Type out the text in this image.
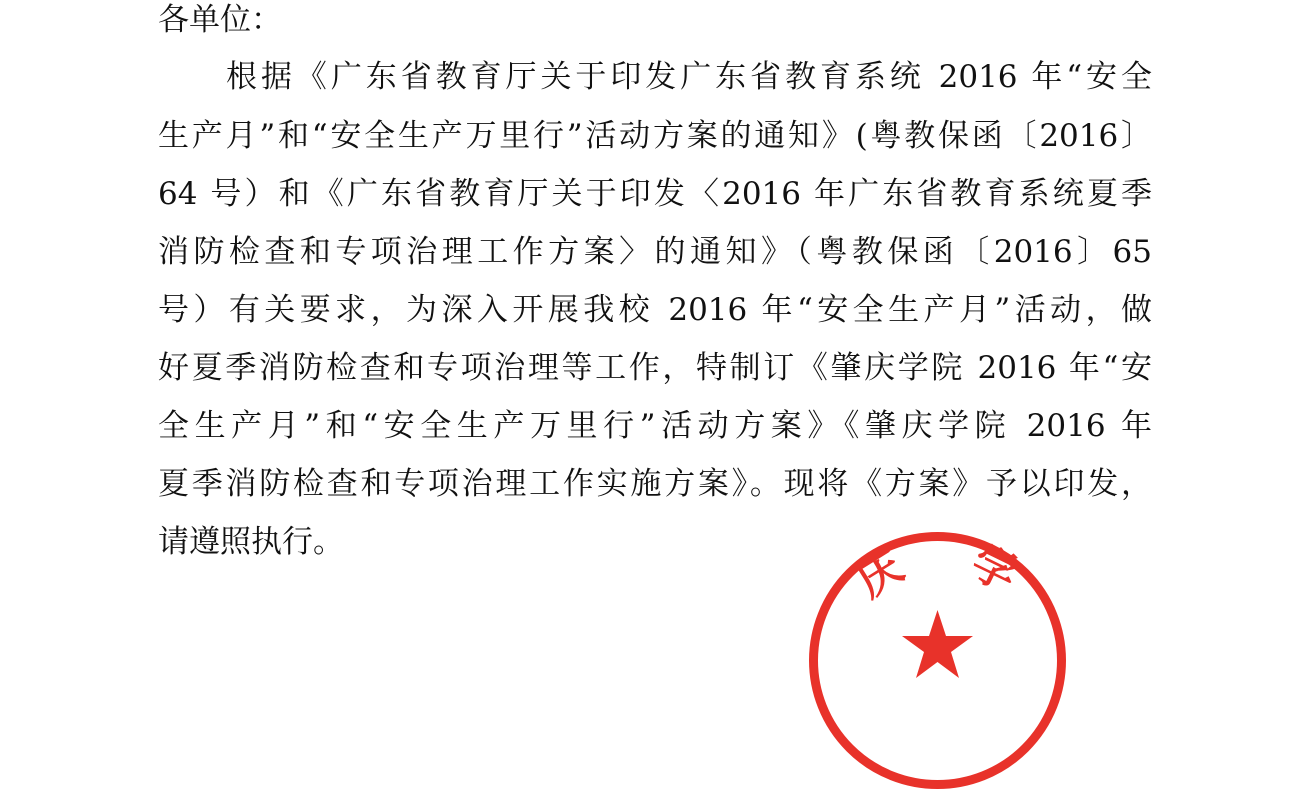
各单位：
根据《广东省教育厅关于印发广东省教育系统 2016 年“安全
生产月”和“安全生产万里行”活动方案的通知》(粤教保函〔2016〕
64 号）和《广东省教育厅关于印发〈2016 年广东省教育系统夏季
消防检查和专项治理工作方案〉的通知》（粤教保函〔2016〕65
号）有关要求，为深入开展我校 2016 年“安全生产月”活动，做
好夏季消防检查和专项治理等工作，特制订《肇庆学院 2016 年“安
全生产月”和“安全生产万里行”活动方案》《肇庆学院 2016 年
夏季消防检查和专项治理工作实施方案》。现将《方案》予以印发，
请遵照执行。	庆 学
